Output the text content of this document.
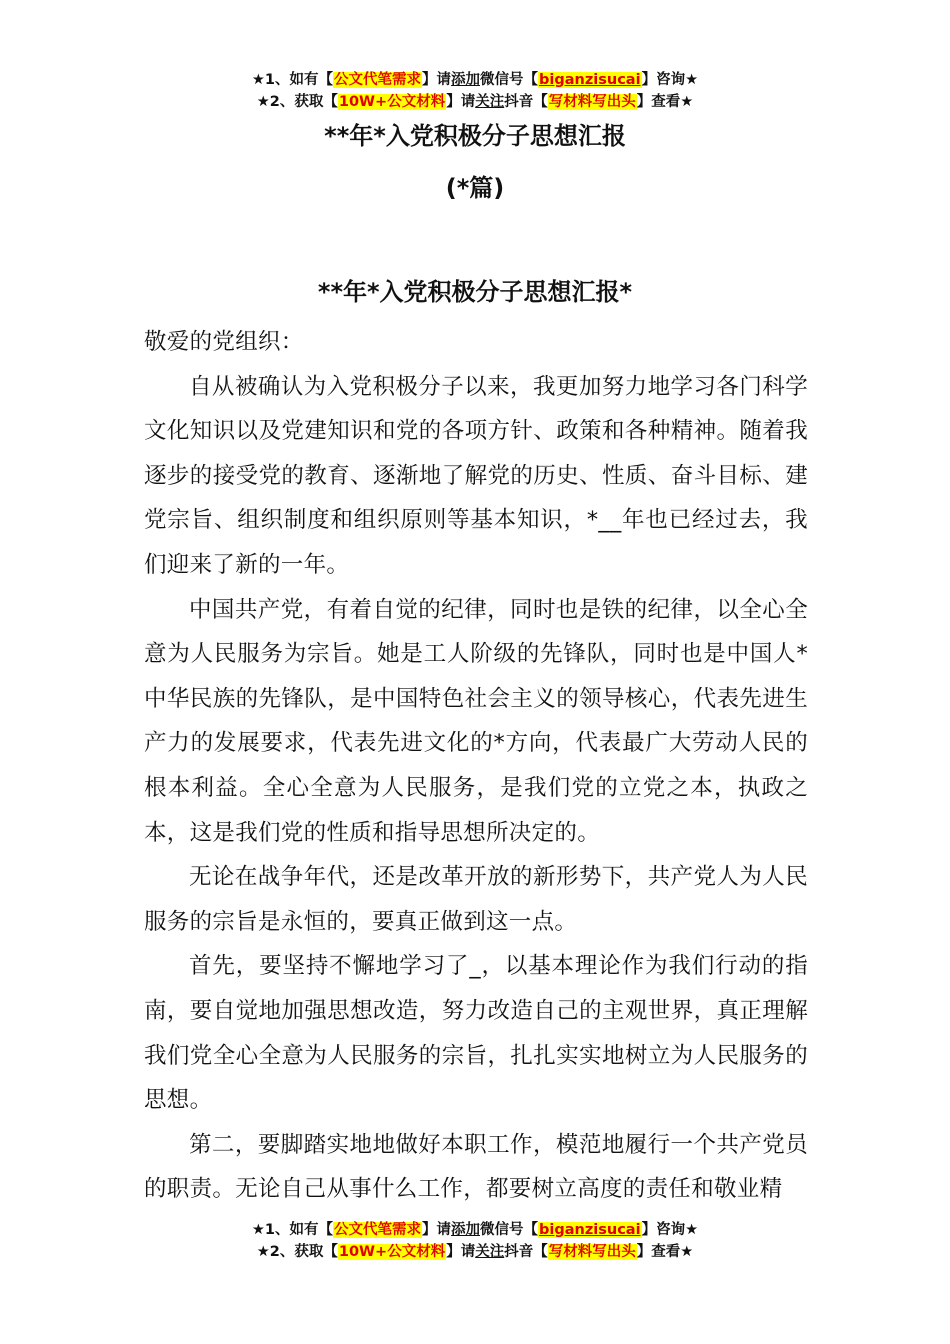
★1、如有【公文代笔需求】请添加微信号【biganzisucai】咨询★
★2、获取【10W+公文材料】请关注抖音【写材料写出头】查看★
**年*入党积极分子思想汇报
(*篇)
**年*入党积极分子思想汇报*

敬爱的党组织：

自从被确认为入党积极分子以来，我更加努力地学习各门科学文化知识以及党建知识和党的各项方针、政策和各种精神。随着我逐步的接受党的教育、逐渐地了解党的历史、性质、奋斗目标、建党宗旨、组织制度和组织原则等基本知识，*__年也已经过去，我们迎来了新的一年。

中国共产党，有着自觉的纪律，同时也是铁的纪律，以全心全意为人民服务为宗旨。她是工人阶级的先锋队，同时也是中国人*中华民族的先锋队，是中国特色社会主义的领导核心，代表先进生产力的发展要求，代表先进文化的*方向，代表最广大劳动人民的根本利益。全心全意为人民服务，是我们党的立党之本，执政之本，这是我们党的性质和指导思想所决定的。

无论在战争年代，还是改革开放的新形势下，共产党人为人民服务的宗旨是永恒的，要真正做到这一点。

首先，要坚持不懈地学习了_，以基本理论作为我们行动的指南，要自觉地加强思想改造，努力改造自己的主观世界，真正理解我们党全心全意为人民服务的宗旨，扎扎实实地树立为人民服务的思想。

第二，要脚踏实地地做好本职工作，模范地履行一个共产党员的职责。无论自己从事什么工作，都要树立高度的责任和敬业精

★1、如有【公文代笔需求】请添加微信号【biganzisucai】咨询★
★2、获取【10W+公文材料】请关注抖音【写材料写出头】查看★
